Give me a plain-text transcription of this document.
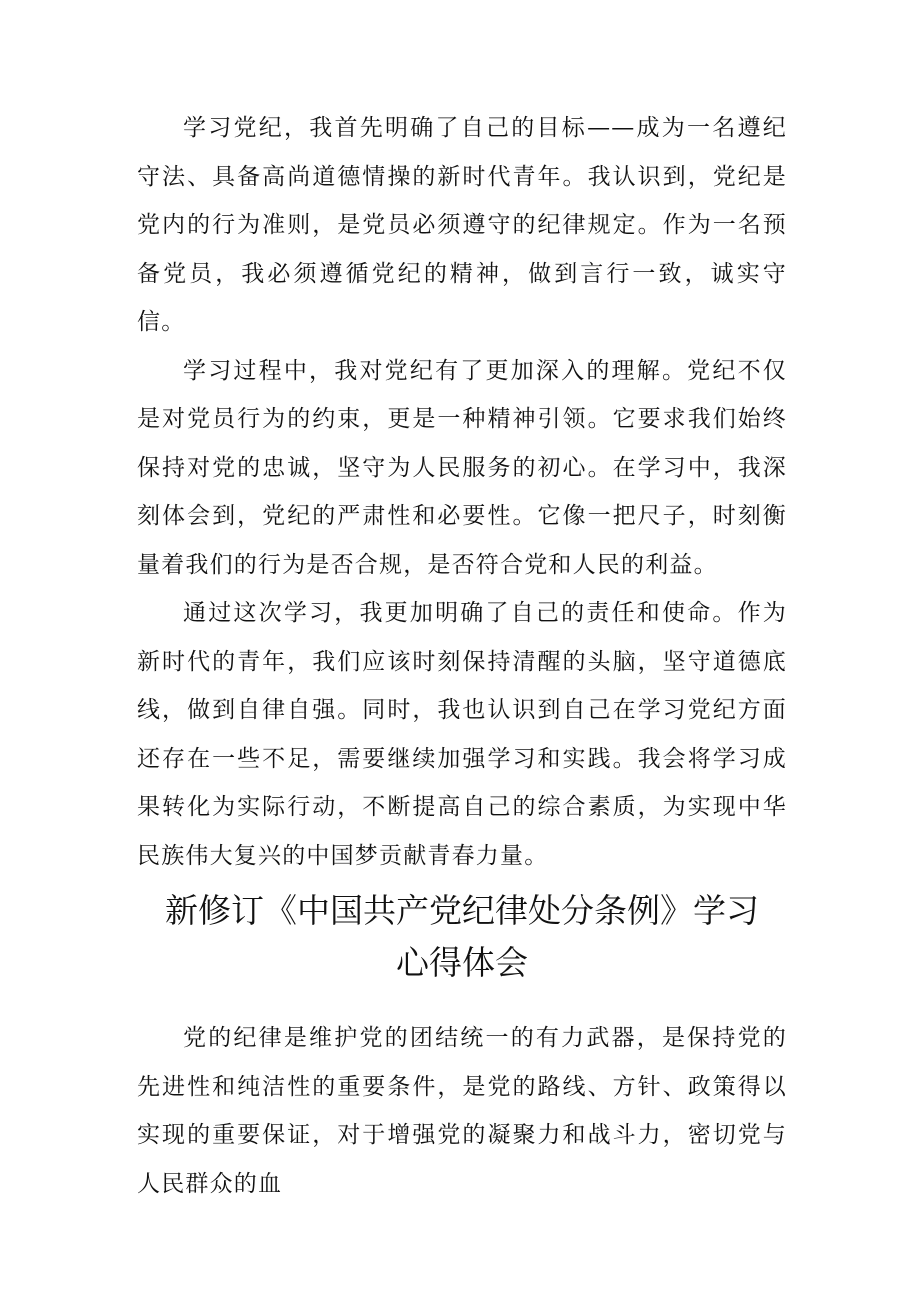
学习党纪，我首先明确了自己的目标——成为一名遵纪守法、具备高尚道德情操的新时代青年。我认识到，党纪是党内的行为准则，是党员必须遵守的纪律规定。作为一名预备党员，我必须遵循党纪的精神，做到言行一致，诚实守信。

学习过程中，我对党纪有了更加深入的理解。党纪不仅是对党员行为的约束，更是一种精神引领。它要求我们始终保持对党的忠诚，坚守为人民服务的初心。在学习中，我深刻体会到，党纪的严肃性和必要性。它像一把尺子，时刻衡量着我们的行为是否合规，是否符合党和人民的利益。

通过这次学习，我更加明确了自己的责任和使命。作为新时代的青年，我们应该时刻保持清醒的头脑，坚守道德底线，做到自律自强。同时，我也认识到自己在学习党纪方面还存在一些不足，需要继续加强学习和实践。我会将学习成果转化为实际行动，不断提高自己的综合素质，为实现中华民族伟大复兴的中国梦贡献青春力量。

新修订《中国共产党纪律处分条例》学习
心得体会

党的纪律是维护党的团结统一的有力武器，是保持党的先进性和纯洁性的重要条件，是党的路线、方针、政策得以实现的重要保证，对于增强党的凝聚力和战斗力，密切党与人民群众的血
